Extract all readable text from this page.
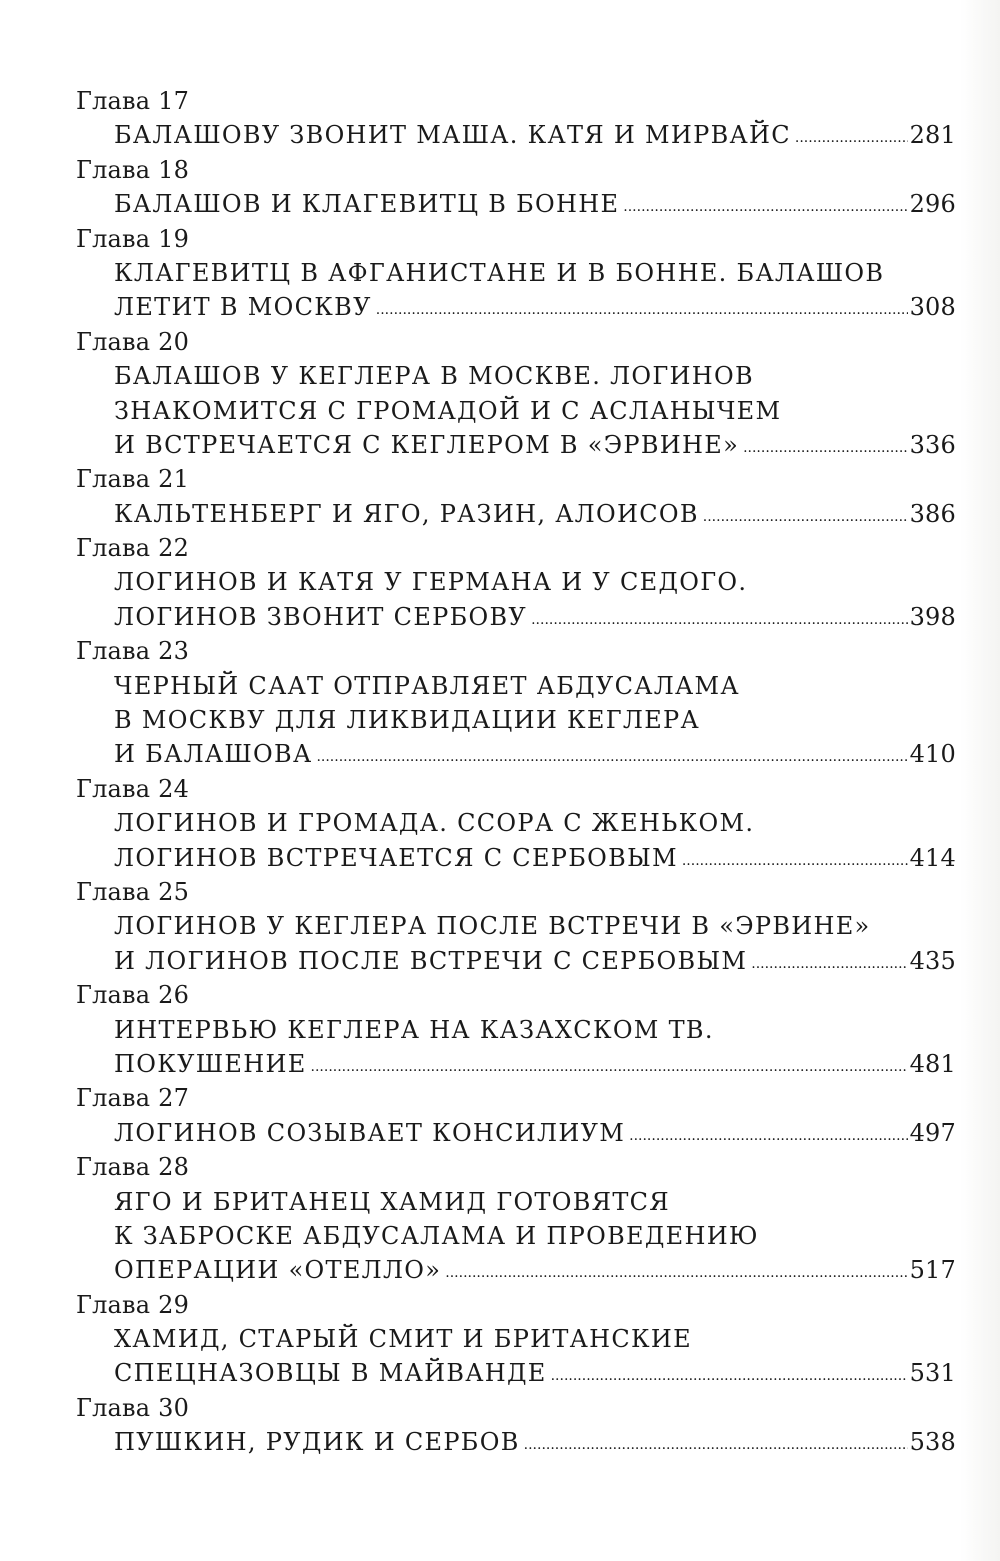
Глава 17
БАЛАШОВУ ЗВОНИТ МАША. КАТЯ И МИРВАЙС .....	281
Глава 18
БАЛАШОВ И КЛАГЕВИТЦ В БОННЕ .....	296
Глава 19
КЛАГЕВИТЦ В АФГАНИСТАНЕ И В БОННЕ. БАЛАШОВ
ЛЕТИТ В МОСКВУ .....	308
Глава 20
БАЛАШОВ У КЕГЛЕРА В МОСКВЕ. ЛОГИНОВ
ЗНАКОМИТСЯ С ГРОМАДОЙ И С АСЛАНЫЧЕМ
И ВСТРЕЧАЕТСЯ С КЕГЛЕРОМ В «ЭРВИНЕ» .....	336
Глава 21
КАЛЬТЕНБЕРГ И ЯГО, РАЗИН, АЛОИСОВ .....	386
Глава 22
ЛОГИНОВ И КАТЯ У ГЕРМАНА И У СЕДОГО.
ЛОГИНОВ ЗВОНИТ СЕРБОВУ .....	398
Глава 23
ЧЕРНЫЙ СААТ ОТПРАВЛЯЕТ АБДУСАЛАМА
В МОСКВУ ДЛЯ ЛИКВИДАЦИИ КЕГЛЕРА
И БАЛАШОВА .....	410
Глава 24
ЛОГИНОВ И ГРОМАДА. ССОРА С ЖЕНЬКОМ.
ЛОГИНОВ ВСТРЕЧАЕТСЯ С СЕРБОВЫМ .....	414
Глава 25
ЛОГИНОВ У КЕГЛЕРА ПОСЛЕ ВСТРЕЧИ В «ЭРВИНЕ»
И ЛОГИНОВ ПОСЛЕ ВСТРЕЧИ С СЕРБОВЫМ .....	435
Глава 26
ИНТЕРВЬЮ КЕГЛЕРА НА КАЗАХСКОМ ТВ.
ПОКУШЕНИЕ .....	481
Глава 27
ЛОГИНОВ СОЗЫВАЕТ КОНСИЛИУМ .....	497
Глава 28
ЯГО И БРИТАНЕЦ ХАМИД ГОТОВЯТСЯ
К ЗАБРОСКЕ АБДУСАЛАМА И ПРОВЕДЕНИЮ
ОПЕРАЦИИ «ОТЕЛЛО» .....	517
Глава 29
ХАМИД, СТАРЫЙ СМИТ И БРИТАНСКИЕ
СПЕЦНАЗОВЦЫ В МАЙВАНДЕ .....	531
Глава 30
ПУШКИН, РУДИК И СЕРБОВ .....	538
